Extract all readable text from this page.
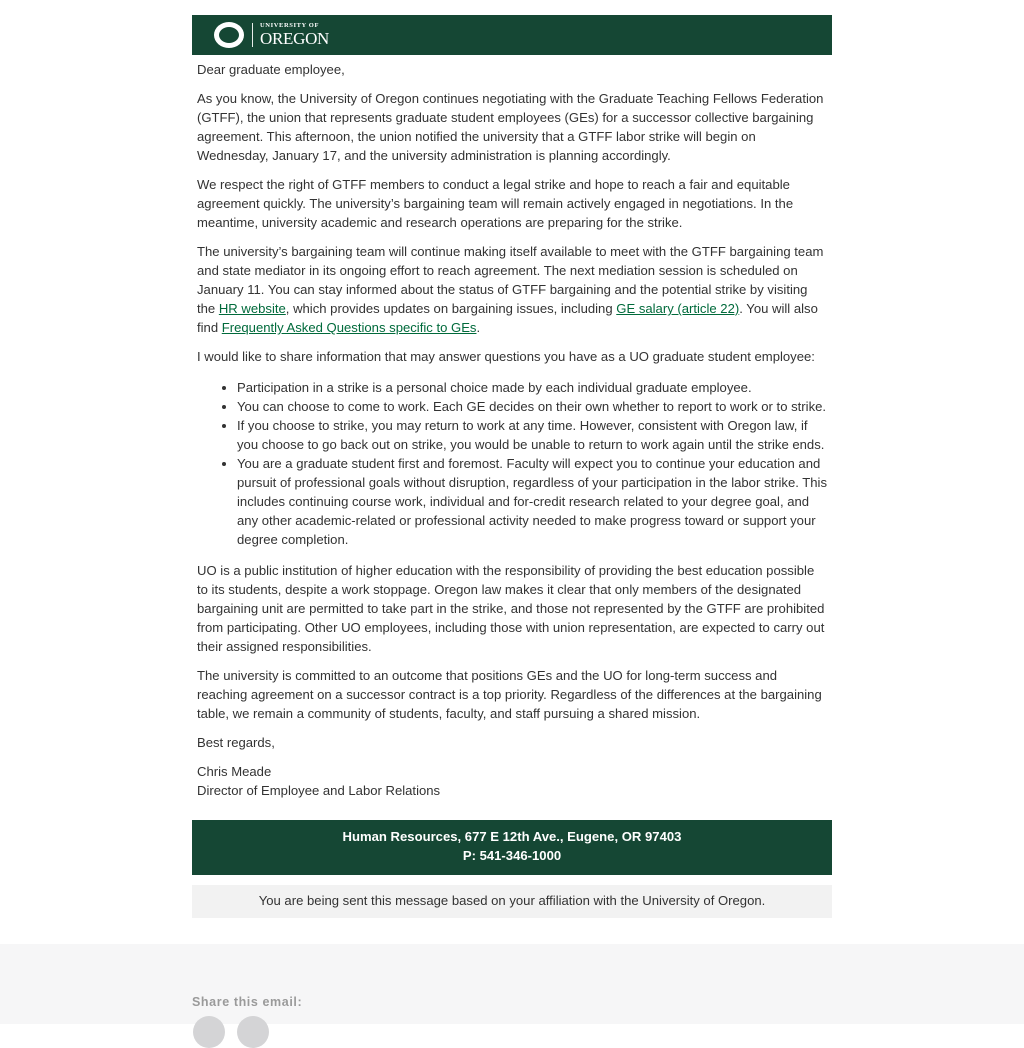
UNIVERSITY OF
OREGON

Dear graduate employee,

As you know, the University of Oregon continues negotiating with the Graduate Teaching Fellows Federation (GTFF), the union that represents graduate student employees (GEs) for a successor collective bargaining agreement. This afternoon, the union notified the university that a GTFF labor strike will begin on Wednesday, January 17, and the university administration is planning accordingly.

We respect the right of GTFF members to conduct a legal strike and hope to reach a fair and equitable agreement quickly. The university’s bargaining team will remain actively engaged in negotiations. In the meantime, university academic and research operations are preparing for the strike.

The university’s bargaining team will continue making itself available to meet with the GTFF bargaining team and state mediator in its ongoing effort to reach agreement. The next mediation session is scheduled on January 11. You can stay informed about the status of GTFF bargaining and the potential strike by visiting the HR website, which provides updates on bargaining issues, including GE salary (article 22). You will also find Frequently Asked Questions specific to GEs.

I would like to share information that may answer questions you have as a UO graduate student employee:

• Participation in a strike is a personal choice made by each individual graduate employee.
• You can choose to come to work. Each GE decides on their own whether to report to work or to strike.
• If you choose to strike, you may return to work at any time. However, consistent with Oregon law, if you choose to go back out on strike, you would be unable to return to work again until the strike ends.
• You are a graduate student first and foremost. Faculty will expect you to continue your education and pursuit of professional goals without disruption, regardless of your participation in the labor strike. This includes continuing course work, individual and for-credit research related to your degree goal, and any other academic-related or professional activity needed to make progress toward or support your degree completion.

UO is a public institution of higher education with the responsibility of providing the best education possible to its students, despite a work stoppage. Oregon law makes it clear that only members of the designated bargaining unit are permitted to take part in the strike, and those not represented by the GTFF are prohibited from participating. Other UO employees, including those with union representation, are expected to carry out their assigned responsibilities.

The university is committed to an outcome that positions GEs and the UO for long-term success and reaching agreement on a successor contract is a top priority. Regardless of the differences at the bargaining table, we remain a community of students, faculty, and staff pursuing a shared mission.

Best regards,

Chris Meade

Director of Employee and Labor Relations

Human Resources, 677 E 12th Ave., Eugene, OR 97403
P: 541-346-1000
You are being sent this message based on your affiliation with the University of Oregon.
Share this email:
